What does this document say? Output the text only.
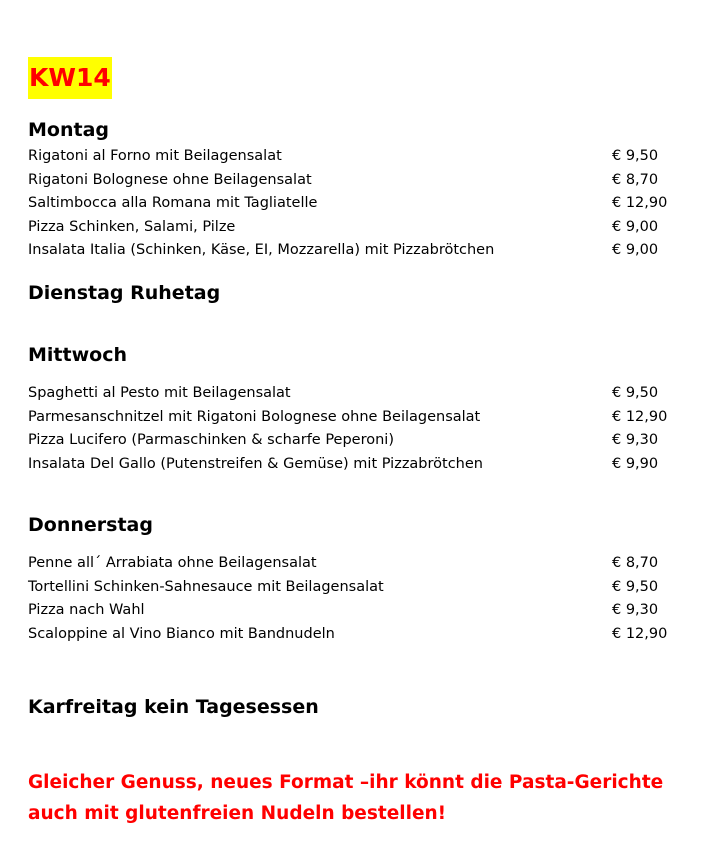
KW14
Montag
Rigatoni al Forno mit Beilagensalat	€ 9,50
Rigatoni Bolognese ohne Beilagensalat	€ 8,70
Saltimbocca alla Romana mit Tagliatelle	€ 12,90
Pizza Schinken, Salami, Pilze	€ 9,00
Insalata Italia (Schinken, Käse, EI, Mozzarella) mit Pizzabrötchen	€ 9,00
Dienstag Ruhetag
Mittwoch
Spaghetti al Pesto mit Beilagensalat	€ 9,50
Parmesanschnitzel mit Rigatoni Bolognese ohne Beilagensalat	€ 12,90
Pizza Lucifero (Parmaschinken & scharfe Peperoni)	€ 9,30
Insalata Del Gallo (Putenstreifen & Gemüse) mit Pizzabrötchen	€ 9,90
Donnerstag
Penne all´ Arrabiata ohne Beilagensalat	€ 8,70
Tortellini Schinken-Sahnesauce mit Beilagensalat	€ 9,50
Pizza nach Wahl	€ 9,30
Scaloppine al Vino Bianco mit Bandnudeln	€ 12,90
Karfreitag kein Tagesessen
Gleicher Genuss, neues Format –ihr könnt die Pasta-Gerichte auch mit glutenfreien Nudeln bestellen!
